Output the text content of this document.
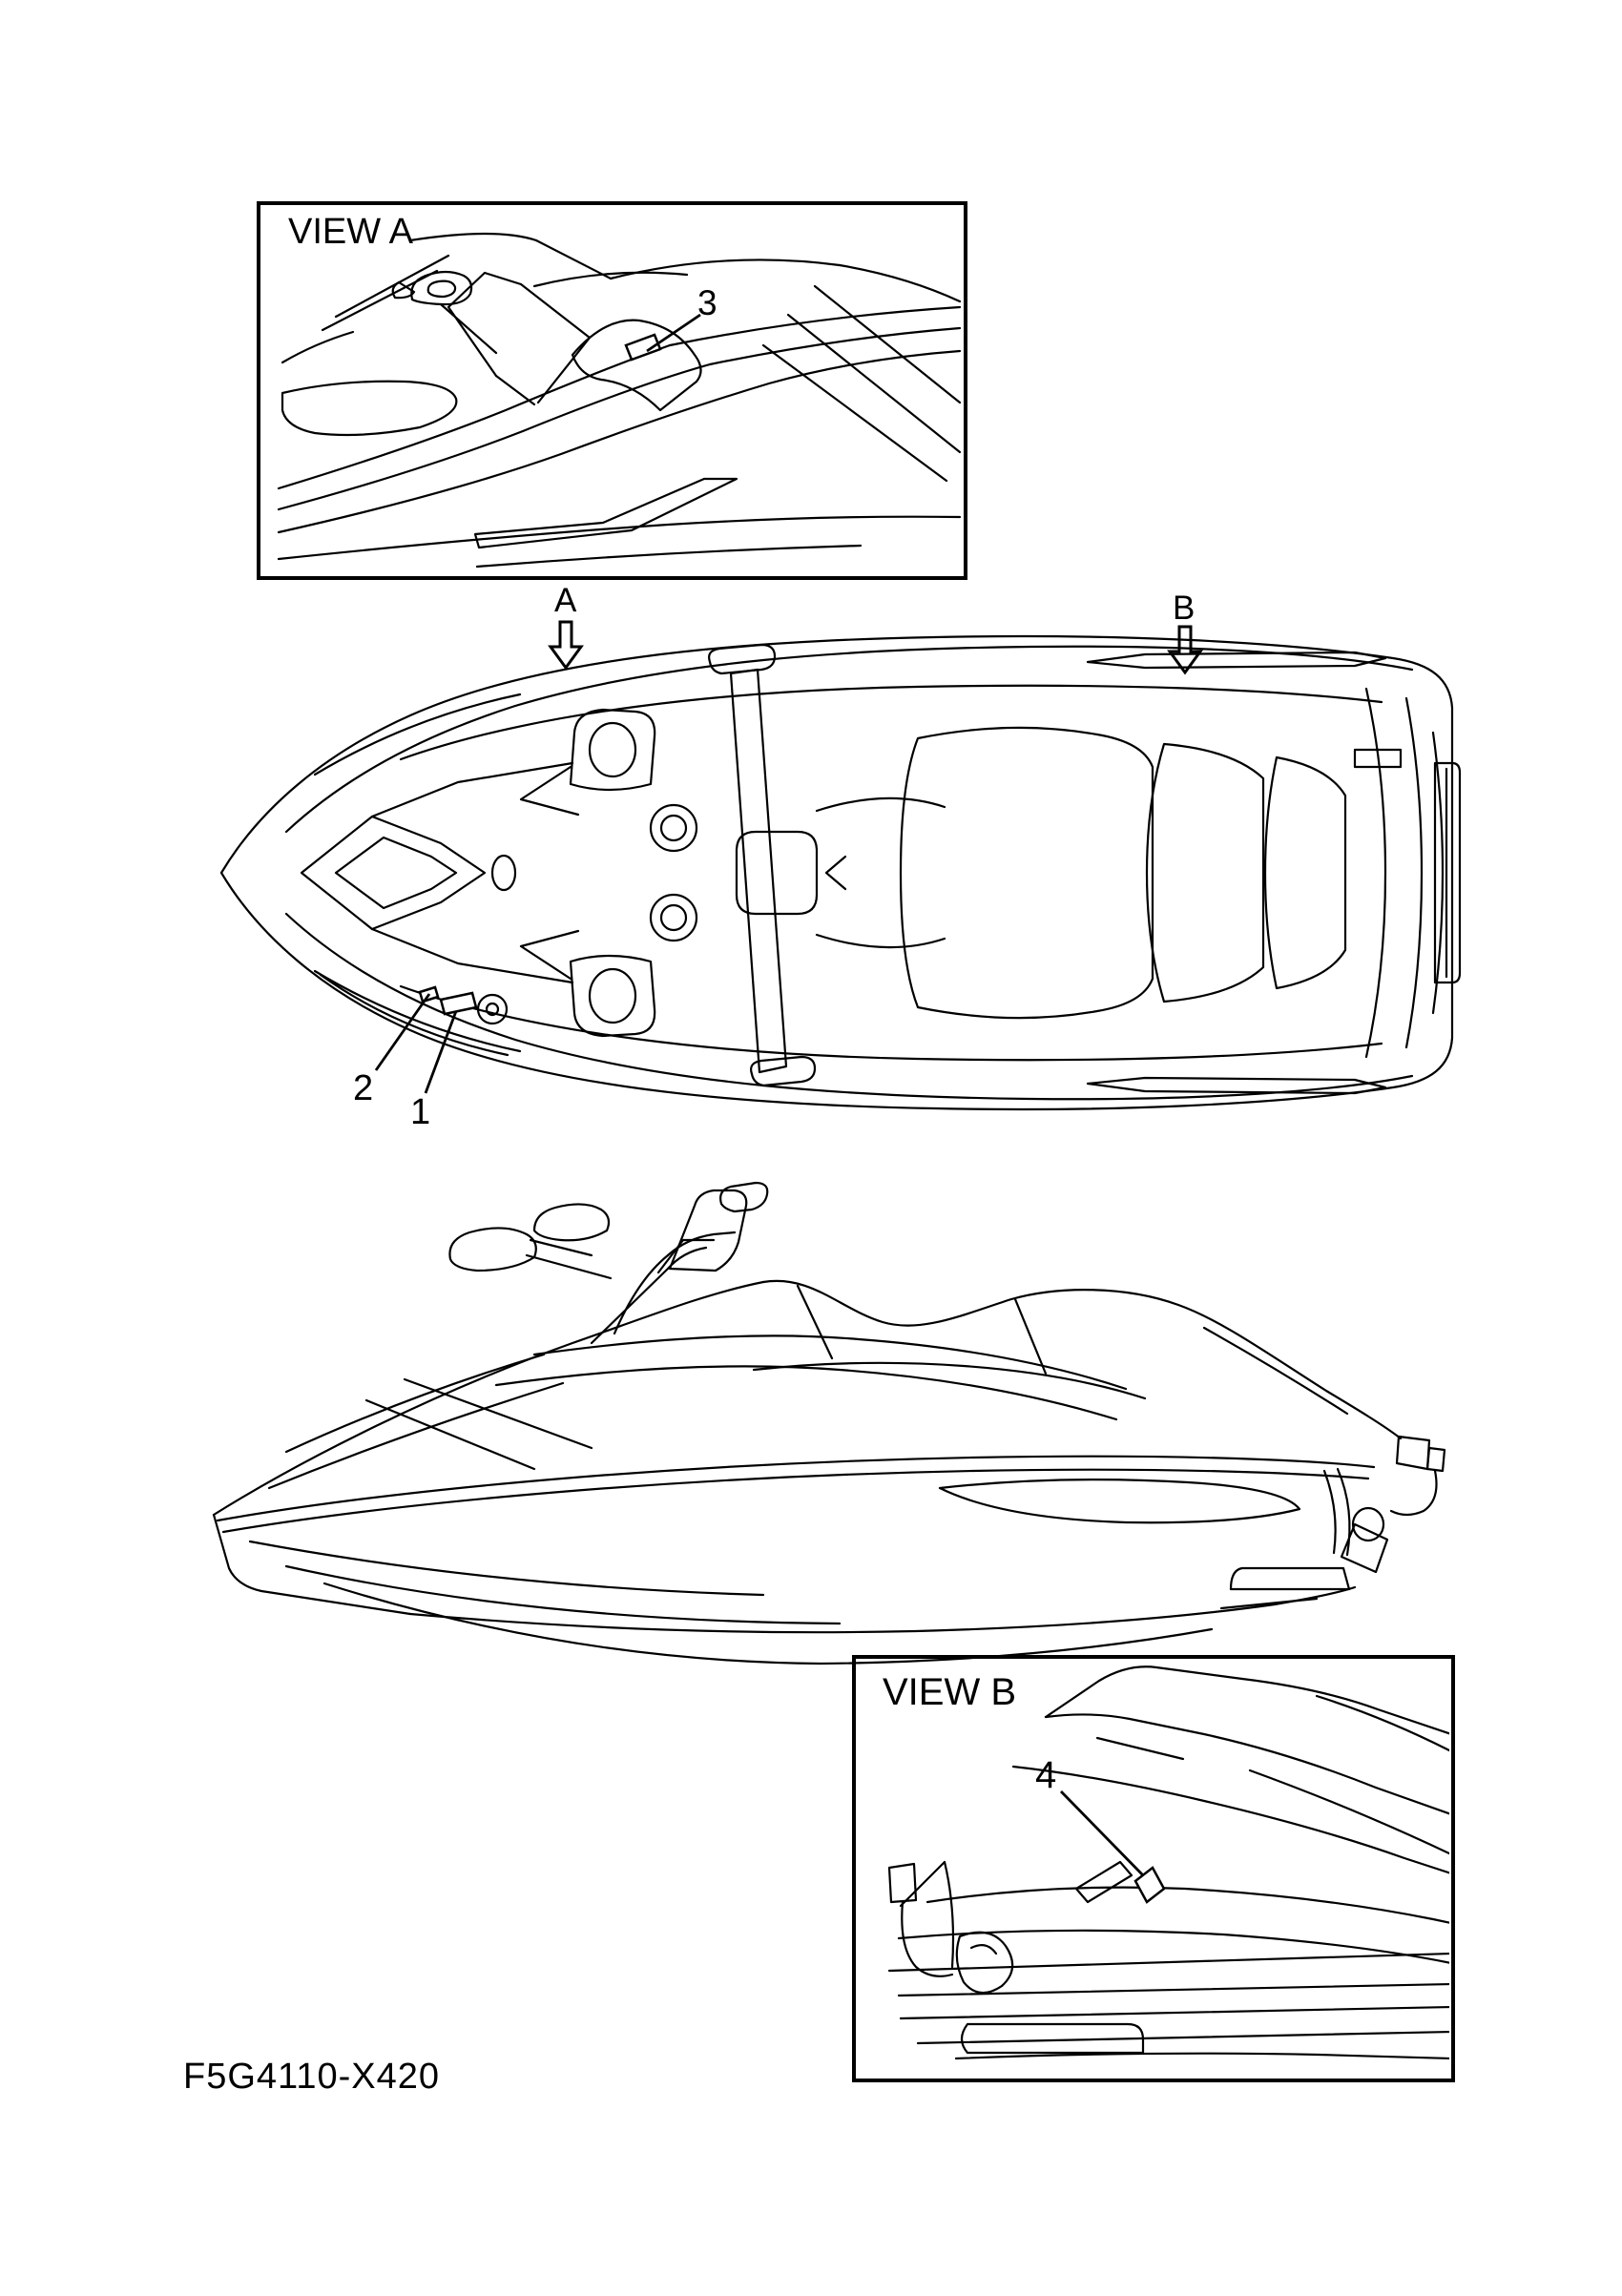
VIEW A
A	B
3
2
1
VIEW B
4
F5G4110-X420
